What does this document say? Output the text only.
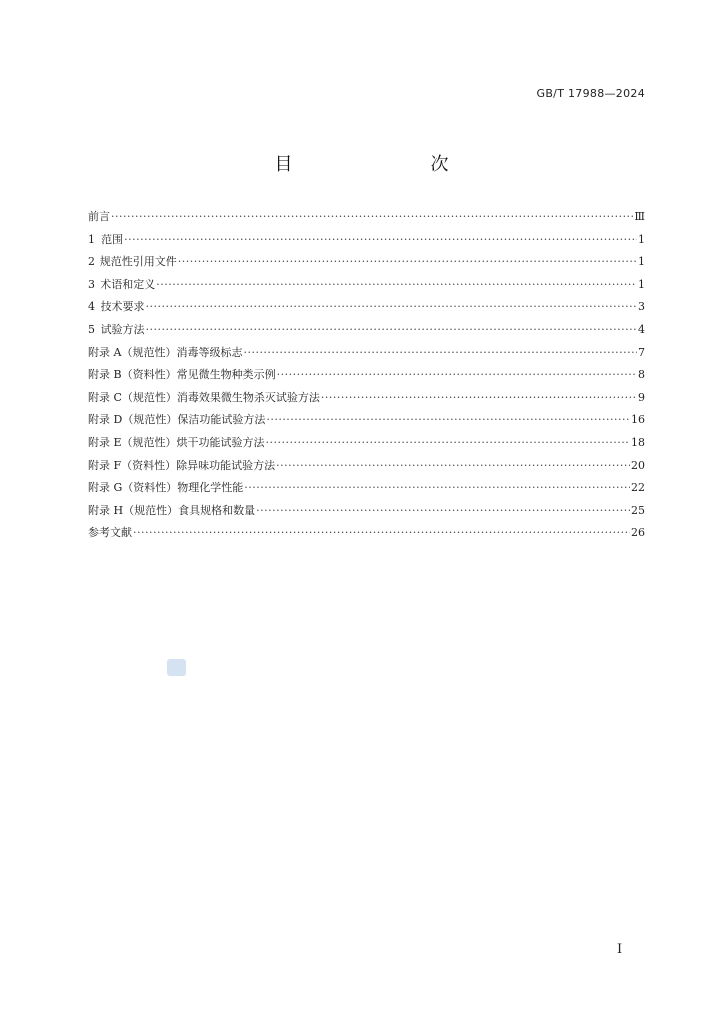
GB/T 17988—2024
目　　次
前言 ·····	Ⅲ
1 范围 ·····	1
2 规范性引用文件 ·····	1
3 术语和定义 ·····	1
4 技术要求 ·····	3
5 试验方法 ·····	4
附录 A（规范性） 消毒等级标志 ·····	7
附录 B（资料性） 常见微生物种类示例 ·····	8
附录 C（规范性） 消毒效果微生物杀灭试验方法 ·····	9
附录 D（规范性） 保洁功能试验方法 ·····	16
附录 E（规范性） 烘干功能试验方法 ·····	18
附录 F（资料性） 除异味功能试验方法 ·····	20
附录 G（资料性） 物理化学性能 ·····	22
附录 H（规范性） 食具规格和数量 ·····	25
参考文献 ·····	26
Ⅰ
